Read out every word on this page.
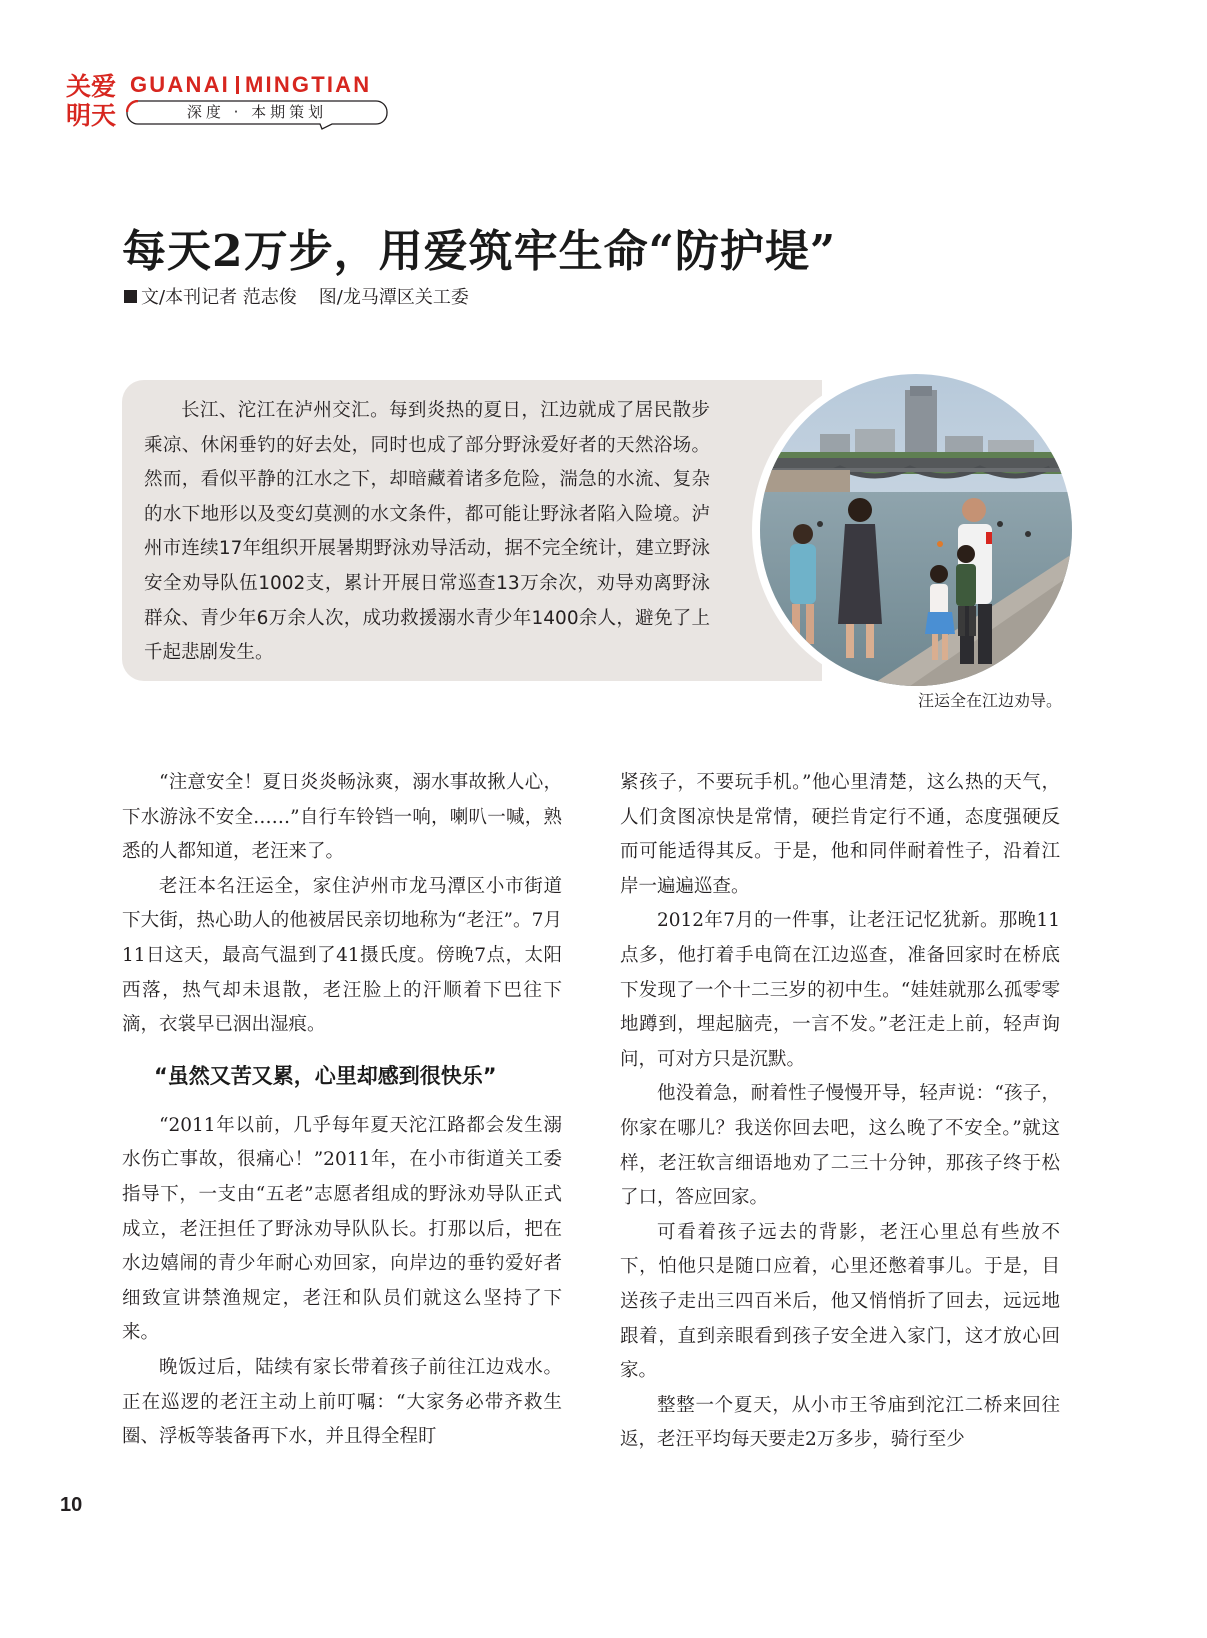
关爱
明天
GUANAI MINGTIAN
深度 · 本期策划
每天2万步，用爱筑牢生命“防护堤”
文/本刊记者 范志俊 图/龙马潭区关工委

长江、沱江在泸州交汇。每到炎热的夏日，江边就成了居民散步乘凉、休闲垂钓的好去处，同时也成了部分野泳爱好者的天然浴场。然而，看似平静的江水之下，却暗藏着诸多危险，湍急的水流、复杂的水下地形以及变幻莫测的水文条件，都可能让野泳者陷入险境。泸州市连续17年组织开展暑期野泳劝导活动，据不完全统计，建立野泳安全劝导队伍1002支，累计开展日常巡查13万余次，劝导劝离野泳群众、青少年6万余人次，成功救援溺水青少年1400余人，避免了上千起悲剧发生。

汪运全在江边劝导。

“注意安全！夏日炎炎畅泳爽，溺水事故揪人心，下水游泳不安全……”自行车铃铛一响，喇叭一喊，熟悉的人都知道，老汪来了。

老汪本名汪运全，家住泸州市龙马潭区小市街道下大街，热心助人的他被居民亲切地称为“老汪”。7月11日这天，最高气温到了41摄氏度。傍晚7点，太阳西落，热气却未退散，老汪脸上的汗顺着下巴往下滴，衣裳早已洇出湿痕。

“虽然又苦又累，心里却感到很快乐”

“2011年以前，几乎每年夏天沱江路都会发生溺水伤亡事故，很痛心！”2011年，在小市街道关工委指导下，一支由“五老”志愿者组成的野泳劝导队正式成立，老汪担任了野泳劝导队队长。打那以后，把在水边嬉闹的青少年耐心劝回家，向岸边的垂钓爱好者细致宣讲禁渔规定，老汪和队员们就这么坚持了下来。

晚饭过后，陆续有家长带着孩子前往江边戏水。正在巡逻的老汪主动上前叮嘱：“大家务必带齐救生圈、浮板等装备再下水，并且得全程盯

紧孩子，不要玩手机。”他心里清楚，这么热的天气，人们贪图凉快是常情，硬拦肯定行不通，态度强硬反而可能适得其反。于是，他和同伴耐着性子，沿着江岸一遍遍巡查。

2012年7月的一件事，让老汪记忆犹新。那晚11点多，他打着手电筒在江边巡查，准备回家时在桥底下发现了一个十二三岁的初中生。“娃娃就那么孤零零地蹲到，埋起脑壳，一言不发。”老汪走上前，轻声询问，可对方只是沉默。

他没着急，耐着性子慢慢开导，轻声说：“孩子，你家在哪儿？我送你回去吧，这么晚了不安全。”就这样，老汪软言细语地劝了二三十分钟，那孩子终于松了口，答应回家。

可看着孩子远去的背影，老汪心里总有些放不下，怕他只是随口应着，心里还憋着事儿。于是，目送孩子走出三四百米后，他又悄悄折了回去，远远地跟着，直到亲眼看到孩子安全进入家门，这才放心回家。

整整一个夏天，从小市王爷庙到沱江二桥来回往返，老汪平均每天要走2万多步，骑行至少

10
